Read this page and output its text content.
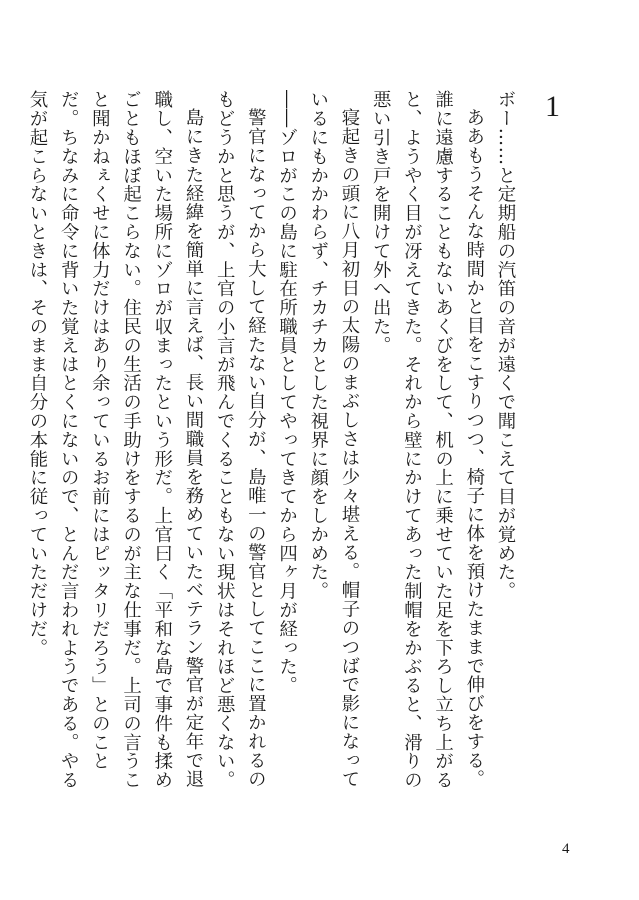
1

ボー……と定期船の汽笛の音が遠くで聞こえて目が覚めた。

ああもうそんな時間かと目をこすりつつ、椅子に体を預けたままで伸びをする。誰に遠慮することもないあくびをして、机の上に乗せていた足を下ろし立ち上がると、ようやく目が冴えてきた。それから壁にかけてあった制帽をかぶると、滑りの悪い引き戸を開けて外へ出た。

寝起きの頭に八月初日の太陽のまぶしさは少々堪える。帽子のつばで影になっているにもかかわらず、チカチカとした視界に顔をしかめた。

――ゾロがこの島に駐在所職員としてやってきてから四ヶ月が経った。

警官になってから大して経たない自分が、島唯一の警官としてここに置かれるのもどうかと思うが、上官の小言が飛んでくることもない現状はそれほど悪くない。

島にきた経緯を簡単に言えば、長い間職員を務めていたベテラン警官が定年で退職し、空いた場所にゾロが収まったという形だ。上官曰く「平和な島で事件も揉めごともほぼ起こらない。住民の生活の手助けをするのが主な仕事だ。上司の言うこと聞かねぇくせに体力だけはあり余っているお前にはピッタリだろう」とのことだ。ちなみに命令に背いた覚えはとくにないので、とんだ言われようである。やる気が起こらないときは、そのまま自分の本能に従っていただけだ。

4
